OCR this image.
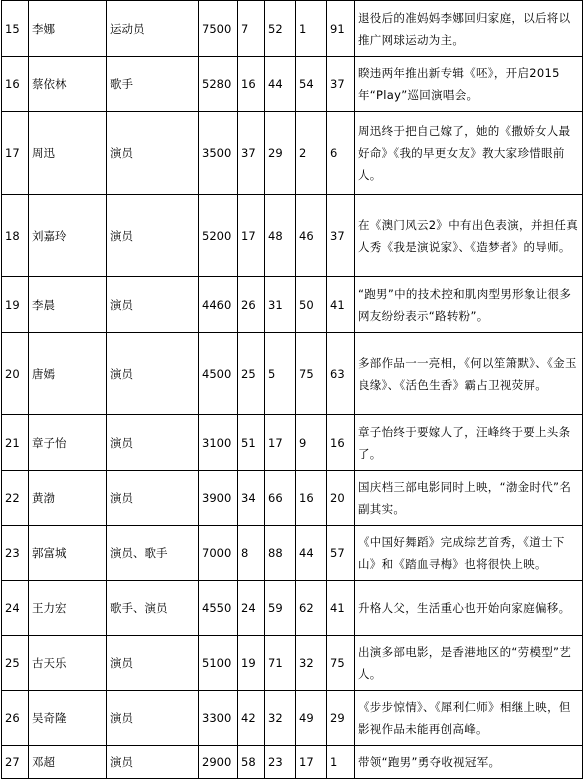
15	李娜	运动员	7500	7	52	1	91	退役后的准妈妈李娜回归家庭，以后将以推广网球运动为主。
16	蔡依林	歌手	5280	16	44	54	37	睽违两年推出新专辑《呸》，开启2015年“Play”巡回演唱会。
17	周迅	演员	3500	37	29	2	6	周迅终于把自己嫁了，她的《撒娇女人最好命》《我的早更女友》教大家珍惜眼前人。
18	刘嘉玲	演员	5200	17	48	46	37	在《澳门风云2》中有出色表演，并担任真人秀《我是演说家》、《造梦者》的导师。
19	李晨	演员	4460	26	31	50	41	“跑男”中的技术控和肌肉型男形象让很多网友纷纷表示“路转粉”。
20	唐嫣	演员	4500	25	5	75	63	多部作品一一亮相，《何以笙箫默》、《金玉良缘》、《活色生香》霸占卫视荧屏。
21	章子怡	演员	3100	51	17	9	16	章子怡终于要嫁人了，汪峰终于要上头条了。
22	黄渤	演员	3900	34	66	16	20	国庆档三部电影同时上映，“渤金时代”名副其实。
23	郭富城	演员、歌手	7000	8	88	44	57	《中国好舞蹈》完成综艺首秀，《道士下山》和《踏血寻梅》也将很快上映。
24	王力宏	歌手、演员	4550	24	59	62	41	升格人父，生活重心也开始向家庭偏移。
25	古天乐	演员	5100	19	71	32	75	出演多部电影，是香港地区的“劳模型”艺人。
26	吴奇隆	演员	3300	42	32	49	29	《步步惊情》、《犀利仁师》相继上映，但影视作品未能再创高峰。
27	邓超	演员	2900	58	23	17	1	带领“跑男”勇夺收视冠军。
